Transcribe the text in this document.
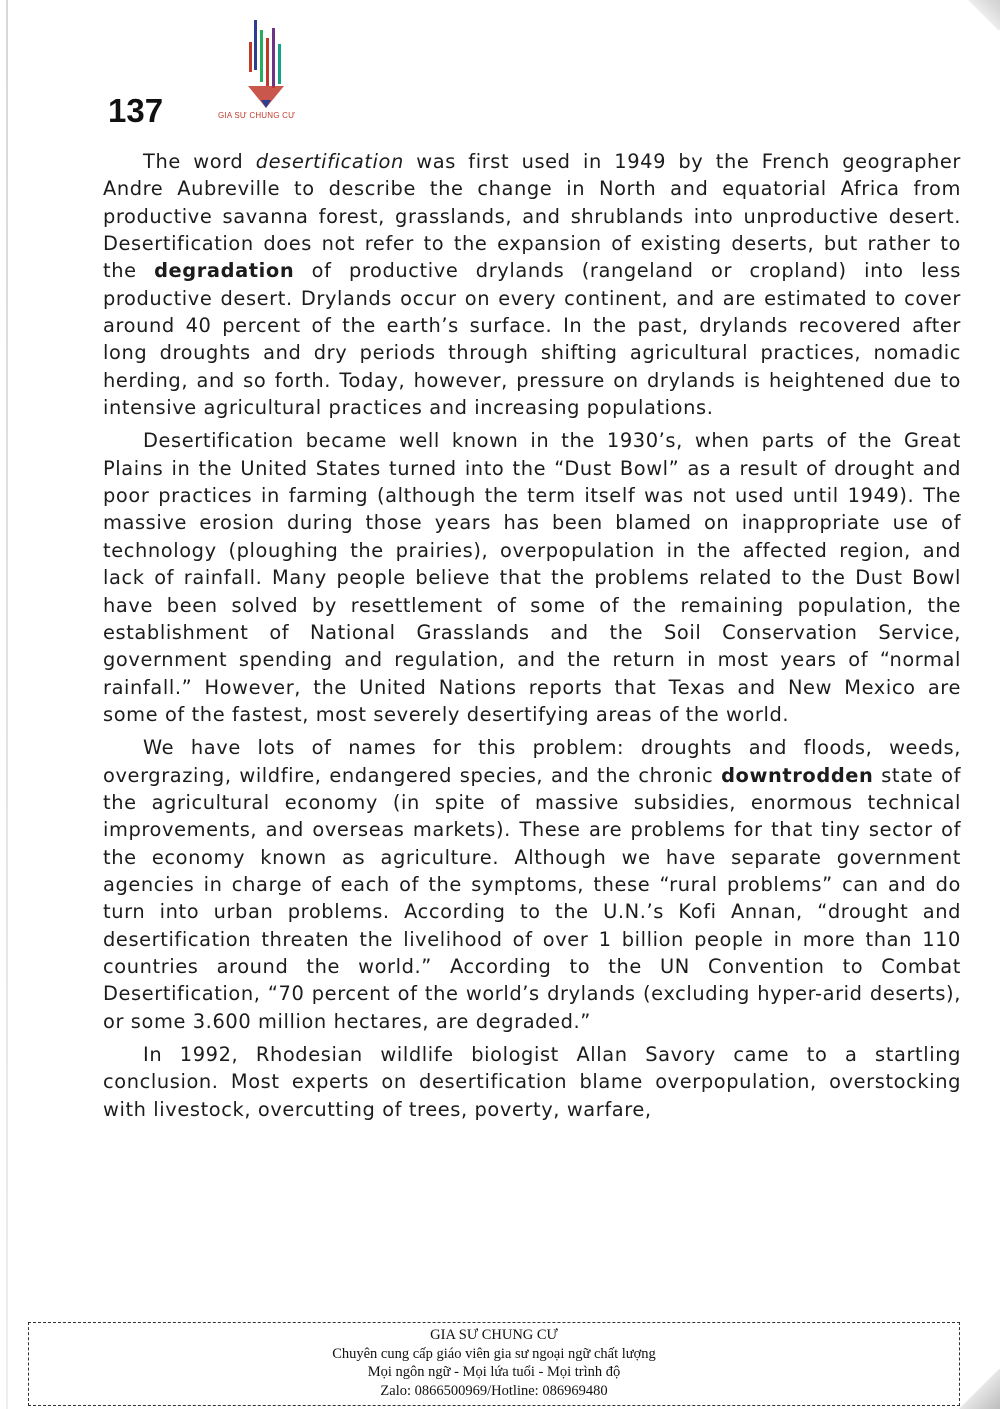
137	GIA SƯ CHUNG CƯ

The word desertification was first used in 1949 by the French geographer Andre Aubreville to describe the change in North and equatorial Africa from productive savanna forest, grasslands, and shrublands into unproductive desert. Desertification does not refer to the expansion of existing deserts, but rather to the degradation of productive drylands (rangeland or cropland) into less productive desert. Drylands occur on every continent, and are estimated to cover around 40 percent of the earth’s surface. In the past, drylands recovered after long droughts and dry periods through shifting agricultural practices, nomadic herding, and so forth. Today, however, pressure on drylands is heightened due to intensive agricultural practices and increasing populations.

Desertification became well known in the 1930’s, when parts of the Great Plains in the United States turned into the “Dust Bowl” as a result of drought and poor practices in farming (although the term itself was not used until 1949). The massive erosion during those years has been blamed on inappropriate use of technology (ploughing the prairies), overpopulation in the affected region, and lack of rainfall. Many people believe that the problems related to the Dust Bowl have been solved by resettlement of some of the remaining population, the establishment of National Grasslands and the Soil Conservation Service, government spending and regulation, and the return in most years of “normal rainfall.” However, the United Nations reports that Texas and New Mexico are some of the fastest, most severely desertifying areas of the world.

We have lots of names for this problem: droughts and floods, weeds, overgrazing, wildfire, endangered species, and the chronic downtrodden state of the agricultural economy (in spite of massive subsidies, enormous technical improvements, and overseas markets). These are problems for that tiny sector of the economy known as agriculture. Although we have separate government agencies in charge of each of the symptoms, these “rural problems” can and do turn into urban problems. According to the U.N.’s Kofi Annan, “drought and desertification threaten the livelihood of over 1 billion people in more than 110 countries around the world.” According to the UN Convention to Combat Desertification, “70 percent of the world’s drylands (excluding hyper-arid deserts), or some 3.600 million hectares, are degraded.”

In 1992, Rhodesian wildlife biologist Allan Savory came to a startling conclusion. Most experts on desertification blame overpopulation, overstocking with livestock, overcutting of trees, poverty, warfare,

GIA SƯ CHUNG CƯ
Chuyên cung cấp giáo viên gia sư ngoại ngữ chất lượng
Mọi ngôn ngữ - Mọi lứa tuổi - Mọi trình độ
Zalo: 0866500969/Hotline: 086969480
